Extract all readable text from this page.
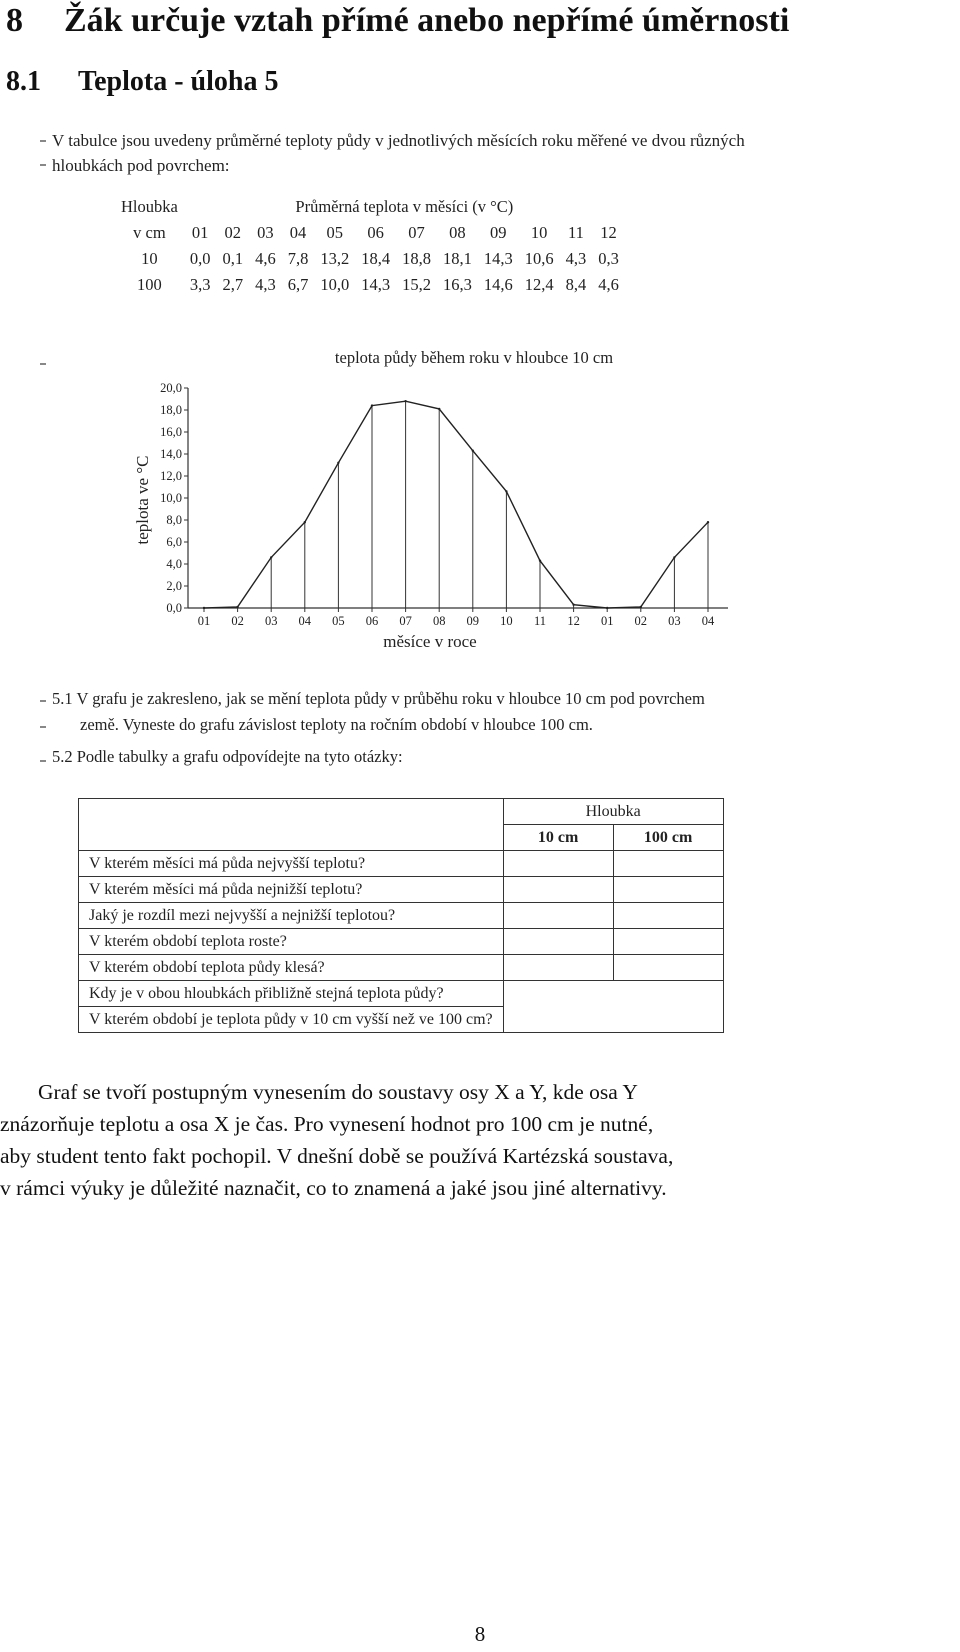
8 Žák určuje vztah přímé anebo nepřímé úměrnosti
8.1 Teplota - úloha 5
V tabulce jsou uvedeny průměrné teploty půdy v jednotlivých měsících roku měřené ve dvou různých
hloubkách pod povrchem:
Hloubka	Průměrná teplota v měsíci (v °C)											
v cm	01	02	03	04	05	06	07	08	09	10	11	12
10	0,0	0,1	4,6	7,8	13,2	18,4	18,8	18,1	14,3	10,6	4,3	0,3
100	3,3	2,7	4,3	6,7	10,0	14,3	15,2	16,3	14,6	12,4	8,4	4,6
teplota půdy během roku v hloubce 10 cm
teplota ve °C
měsíce v roce
0,0
2,0
4,0
6,0
8,0
10,0
12,0
14,0
16,0
18,0
20,0
01 02 03 04 05 06 07 08 09 10 11 12 01 02 03 04
5.1 V grafu je zakresleno, jak se mění teplota půdy v průběhu roku v hloubce 10 cm pod povrchem
země. Vyneste do grafu závislost teploty na ročním období v hloubce 100 cm.
5.2 Podle tabulky a grafu odpovídejte na tyto otázky:
	Hloubka	
	10 cm	100 cm
V kterém měsíci má půda nejvyšší teplotu?		
V kterém měsíci má půda nejnižší teplotu?		
Jaký je rozdíl mezi nejvyšší a nejnižší teplotou?		
V kterém období teplota roste?		
V kterém období teplota půdy klesá?		
Kdy je v obou hloubkách přibližně stejná teplota půdy?		
V kterém období je teplota půdy v 10 cm vyšší než ve 100 cm?		
Graf se tvoří postupným vynesením do soustavy osy X a Y, kde osa Y
znázorňuje teplotu a osa X je čas. Pro vynesení hodnot pro 100 cm je nutné,
aby student tento fakt pochopil. V dnešní době se používá Kartézská soustava,
v rámci výuky je důležité naznačit, co to znamená a jaké jsou jiné alternativy.
8
